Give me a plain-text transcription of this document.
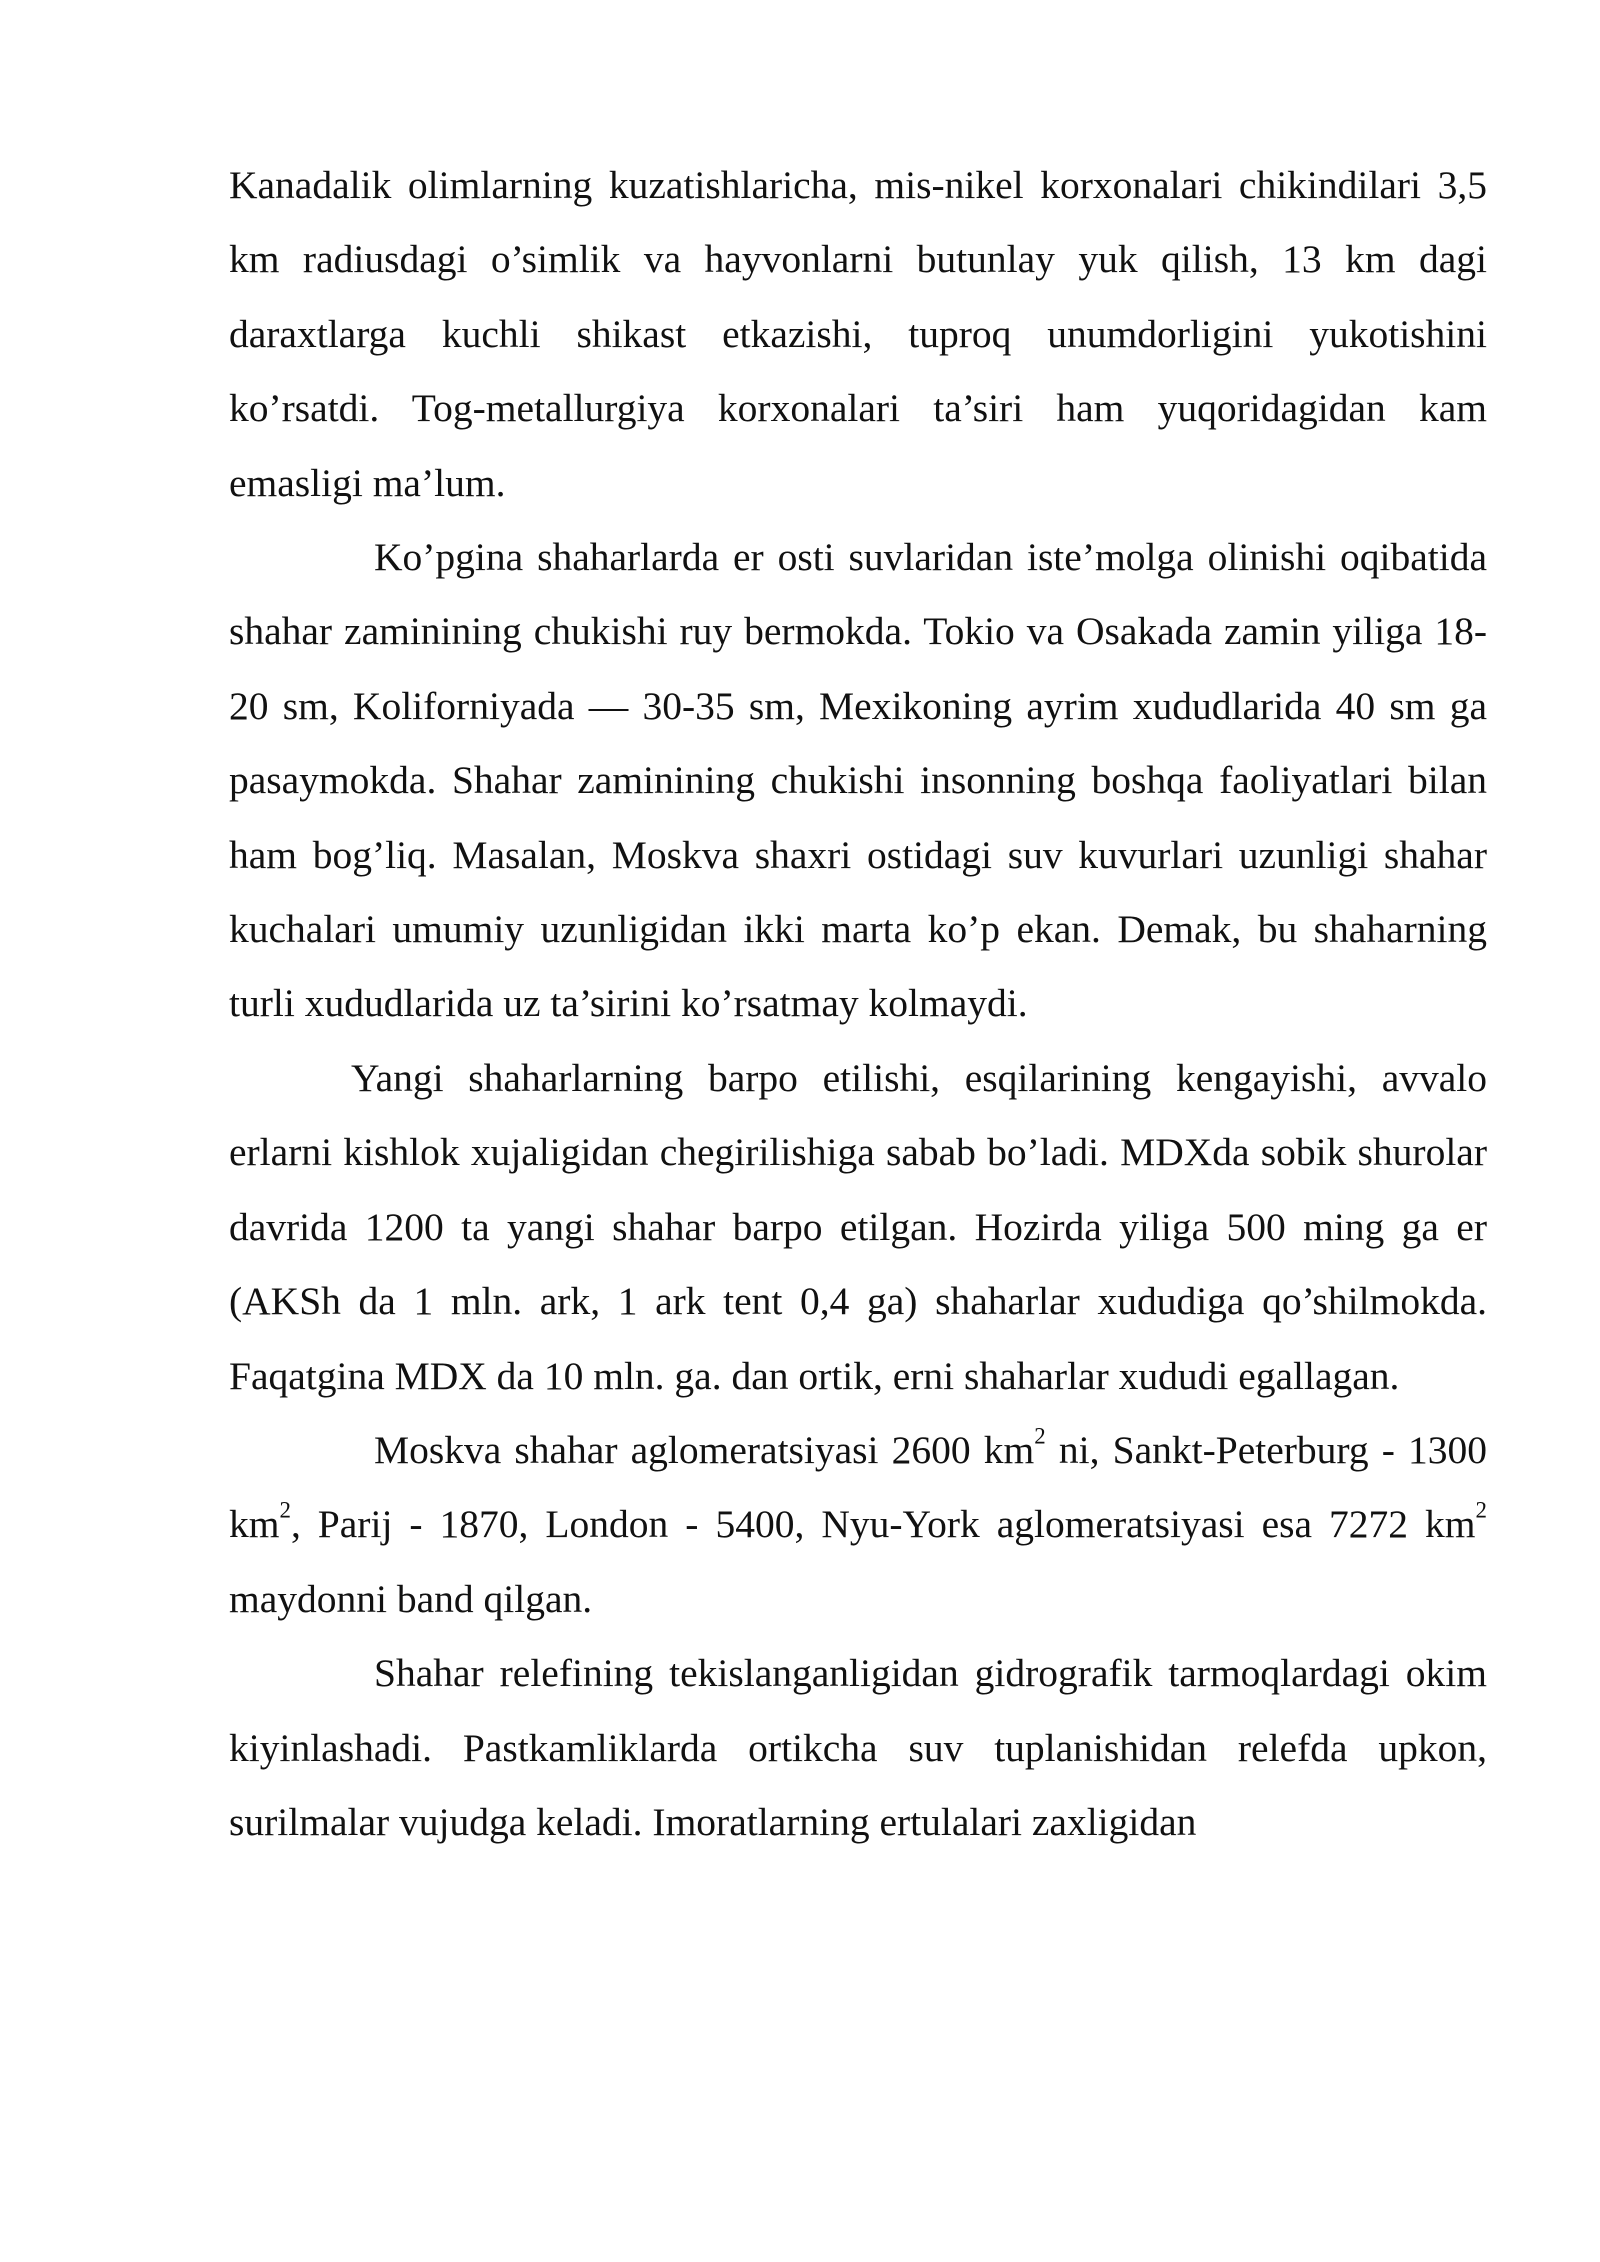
Kanadalik olimlarning kuzatishlaricha, mis-nikel korxonalari chikindilari 3,5 km radiusdagi o’simlik va hayvonlarni butunlay yuk qilish, 13 km dagi daraxtlarga kuchli shikast etkazishi, tuproq unumdorligini yukotishini ko’rsatdi. Tog-metallurgiya korxonalari ta’siri ham yuqoridagidan kam emasligi ma’lum.

Ko’pgina shaharlarda er osti suvlaridan iste’molga olinishi oqibatida shahar zaminining chukishi ruy bermokda. Tokio va Osakada zamin yiliga 18-20 sm, Koliforniyada — 30-35 sm, Mexikoning ayrim xududlarida 40 sm ga pasaymokda. Shahar zaminining chukishi insonning boshqa faoliyatlari bilan ham bog’liq. Masalan, Moskva shaxri ostidagi suv kuvurlari uzunligi shahar kuchalari umumiy uzunligidan ikki marta ko’p ekan. Demak, bu shaharning turli xududlarida uz ta’sirini ko’rsatmay kolmaydi.

Yangi shaharlarning barpo etilishi, esqilarining kengayishi, avvalo erlarni kishlok xujaligidan chegirilishiga sabab bo’ladi. MDXda sobik shurolar davrida 1200 ta yangi shahar barpo etilgan. Hozirda yiliga 500 ming ga er (AKSh da 1 mln. ark, 1 ark tent 0,4 ga) shaharlar xududiga qo’shilmokda. Faqatgina MDX da 10 mln. ga. dan ortik, erni shaharlar xududi egallagan.

Moskva shahar aglomeratsiyasi 2600 $km^2$ ni, Sankt-Peterburg - 1300 $km^2$, Parij - 1870, London - 5400, Nyu-York aglomeratsiyasi esa 7272 $km^2$ maydonni band qilgan.

Shahar relefining tekislanganligidan gidrografik tarmoqlardagi okim kiyinlashadi. Pastkamliklarda ortikcha suv tuplanishidan relefda upkon, surilmalar vujudga keladi. Imoratlarning ertulalari zaxligidan
